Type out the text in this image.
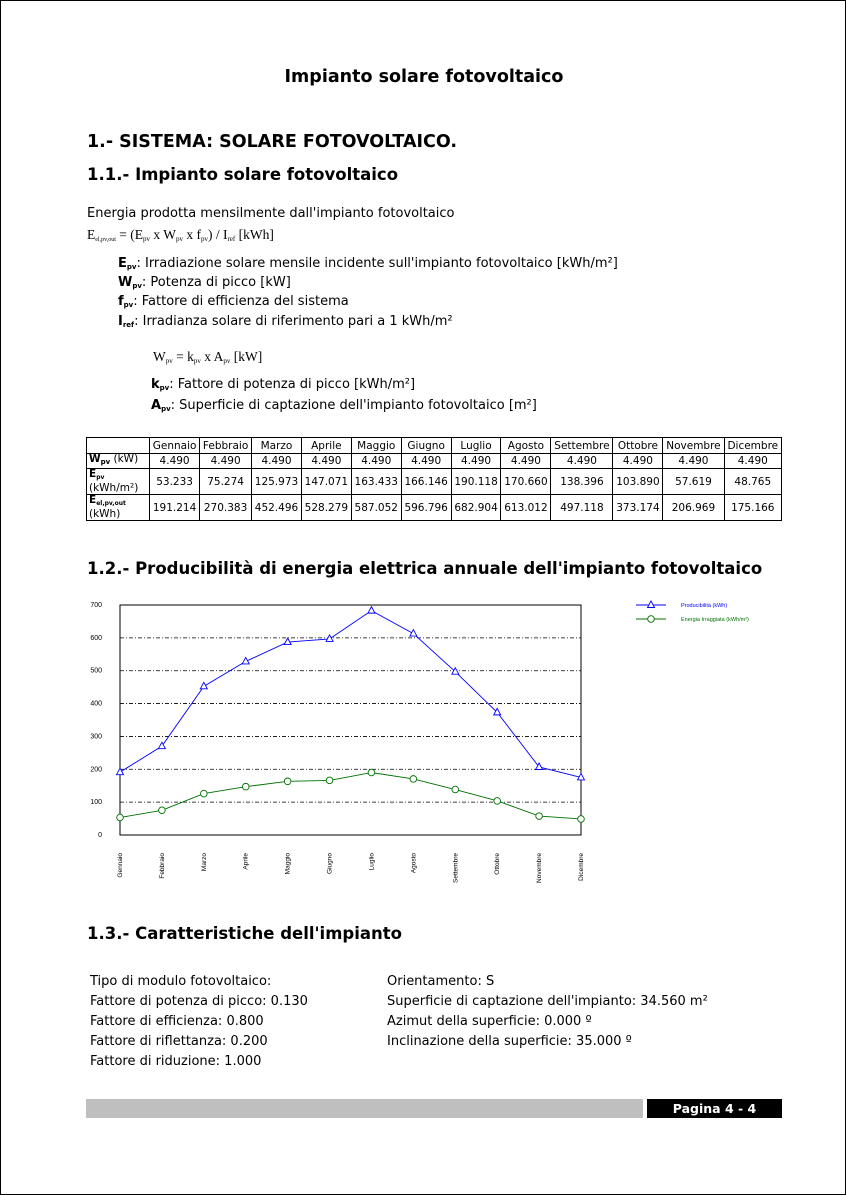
Impianto solare fotovoltaico
1.- SISTEMA: SOLARE FOTOVOLTAICO.
1.1.- Impianto solare fotovoltaico
Energia prodotta mensilmente dall'impianto fotovoltaico
$Eel,pv,out = (E_{pv}$ x $W_{pv}$ x $f_{pv}) / I_{ref}$ [kWh]
$E_{pv}$: Irradiazione solare mensile incidente sull'impianto fotovoltaico [kWh/m²]
$W_{pv}$: Potenza di picco [kW]
$f_{pv}$: Fattore di efficienza del sistema
$I_{ref}$: Irradianza solare di riferimento pari a 1 kWh/m²
$W_{pv} = k_{pv}$ x $A_{pv}$ [kW]
$k_{pv}$: Fattore di potenza di picco [kWh/m²]
$A_{pv}$: Superficie di captazione dell'impianto fotovoltaico [m²]
	Gennaio	Febbraio	Marzo	Aprile	Maggio	Giugno	Luglio	Agosto	Settembre	Ottobre	Novembre	Dicembre
$W_{pv}$ (kW)	4.490	4.490	4.490	4.490	4.490	4.490	4.490	4.490	4.490	4.490	4.490	4.490
Epv
(kWh/m²)	53.233	75.274	125.973	147.071	163.433	166.146	190.118	170.660	138.396	103.890	57.619	48.765
Eel,pv,out
(kWh)	191.214	270.383	452.496	528.279	587.052	596.796	682.904	613.012	497.118	373.174	206.969	175.166
1.2.- Producibilità di energia elettrica annuale dell'impianto fotovoltaico
0
100
200
300
400
500
600
700
Gennaio	Febbraio	Marzo	Aprile	Maggio	Giugno	Luglio	Agosto	Settembre	Ottobre	Novembre	Dicembre
Producibilità (kWh)
Energia Irraggiata (kWh/m²)
1.3.- Caratteristiche dell'impianto
Tipo di modulo fotovoltaico:
Fattore di potenza di picco: 0.130
Fattore di efficienza: 0.800
Fattore di riflettanza: 0.200
Fattore di riduzione: 1.000
Orientamento: S
Superficie di captazione dell'impianto: 34.560 m²
Azimut della superficie: 0.000 º
Inclinazione della superficie: 35.000 º
Pagina 4 - 4
